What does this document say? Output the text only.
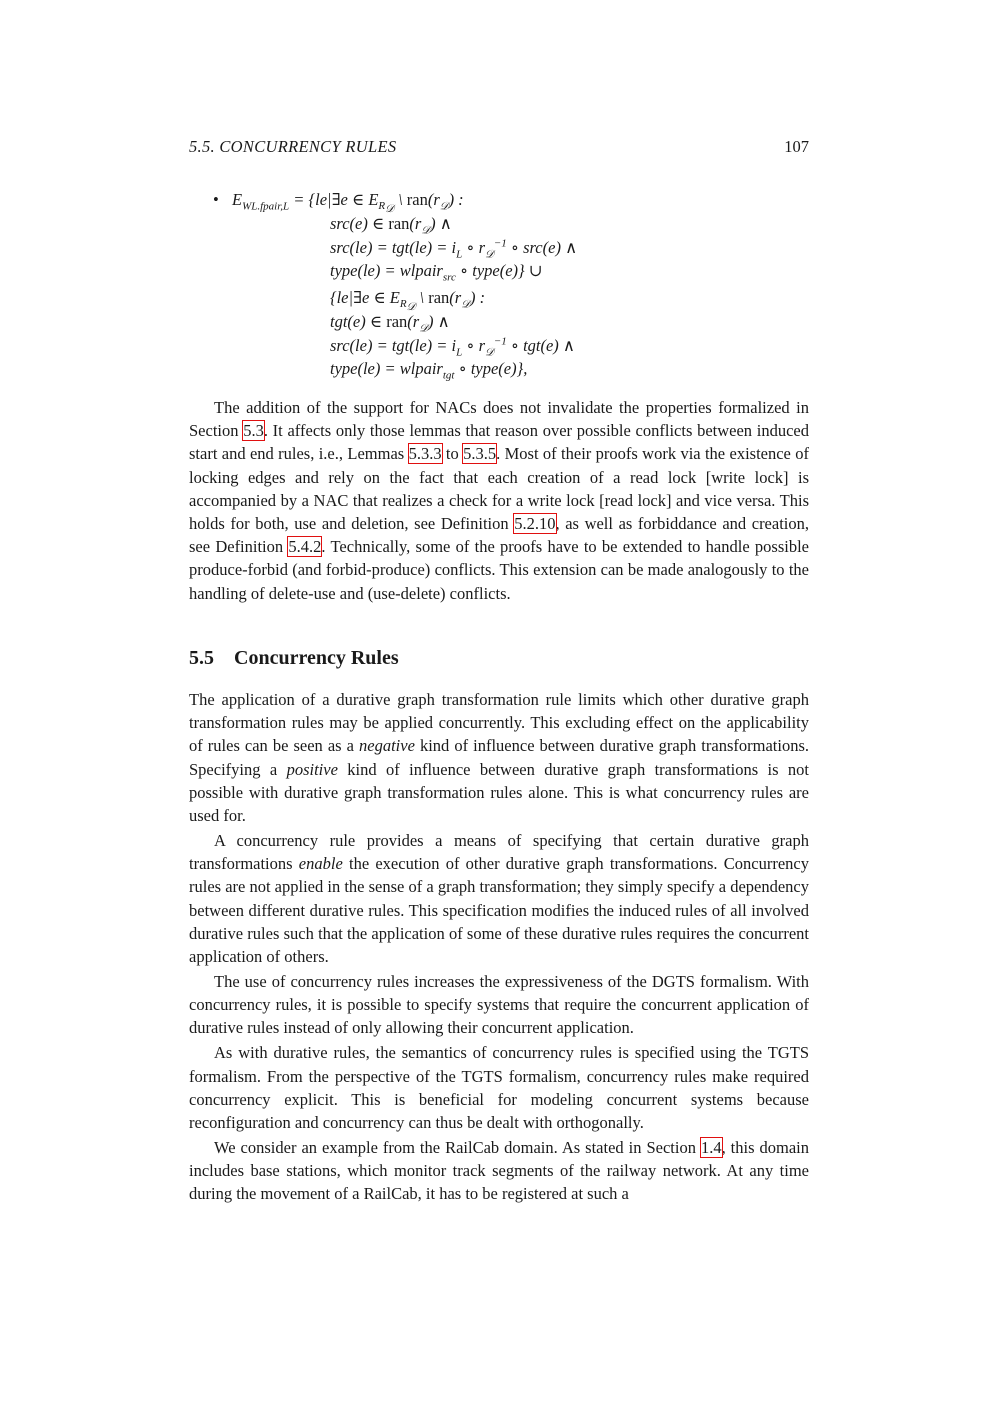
5.5. CONCURRENCY RULES	107
• $E_{WL.fpair,L}$ = {le|∃e ∈ $E_{R_𝒟}$ \ $ran(r_𝒟)$ :
src(e) ∈ $ran(r_𝒟)$ ∧
$src(le) = tgt(le) = i_L$ ∘ $r_𝒟^{-1}$ ∘ src(e) ∧
type(le) = wlpair$_{src}$ ∘ type(e)} ∪
{le|∃e ∈ $E_{R_𝒟}$ \ $ran(r_𝒟)$ :
tgt(e) ∈ $ran(r_𝒟)$ ∧
$src(le) = tgt(le) = i_L$ ∘ $r_𝒟^{-1}$ ∘ tgt(e) ∧
type(le) = wlpair$_{tgt}$ ∘ type(e)},

The addition of the support for NACs does not invalidate the properties formalized in Section 5.3. It affects only those lemmas that reason over possible conflicts between induced start and end rules, i.e., Lemmas 5.3.3 to 5.3.5. Most of their proofs work via the existence of locking edges and rely on the fact that each creation of a read lock [write lock] is accompanied by a NAC that realizes a check for a write lock [read lock] and vice versa. This holds for both, use and deletion, see Definition 5.2.10, as well as forbiddance and creation, see Definition 5.4.2. Technically, some of the proofs have to be extended to handle possible produce-forbid (and forbid-produce) conflicts. This extension can be made analogously to the handling of delete-use and (use-delete) conflicts.

5.5 Concurrency Rules

The application of a durative graph transformation rule limits which other durative graph transformation rules may be applied concurrently. This excluding effect on the applicability of rules can be seen as a negative kind of influence between durative graph transformations. Specifying a positive kind of influence between durative graph transformations is not possible with durative graph transformation rules alone. This is what concurrency rules are used for.

A concurrency rule provides a means of specifying that certain durative graph transformations enable the execution of other durative graph transformations. Concurrency rules are not applied in the sense of a graph transformation; they simply specify a dependency between different durative rules. This specification modifies the induced rules of all involved durative rules such that the application of some of these durative rules requires the concurrent application of others.

The use of concurrency rules increases the expressiveness of the DGTS formalism. With concurrency rules, it is possible to specify systems that require the concurrent application of durative rules instead of only allowing their concurrent application.

As with durative rules, the semantics of concurrency rules is specified using the TGTS formalism. From the perspective of the TGTS formalism, concurrency rules make required concurrency explicit. This is beneficial for modeling concurrent systems because reconfiguration and concurrency can thus be dealt with orthogonally.

We consider an example from the RailCab domain. As stated in Section 1.4, this domain includes base stations, which monitor track segments of the railway network. At any time during the movement of a RailCab, it has to be registered at such a
